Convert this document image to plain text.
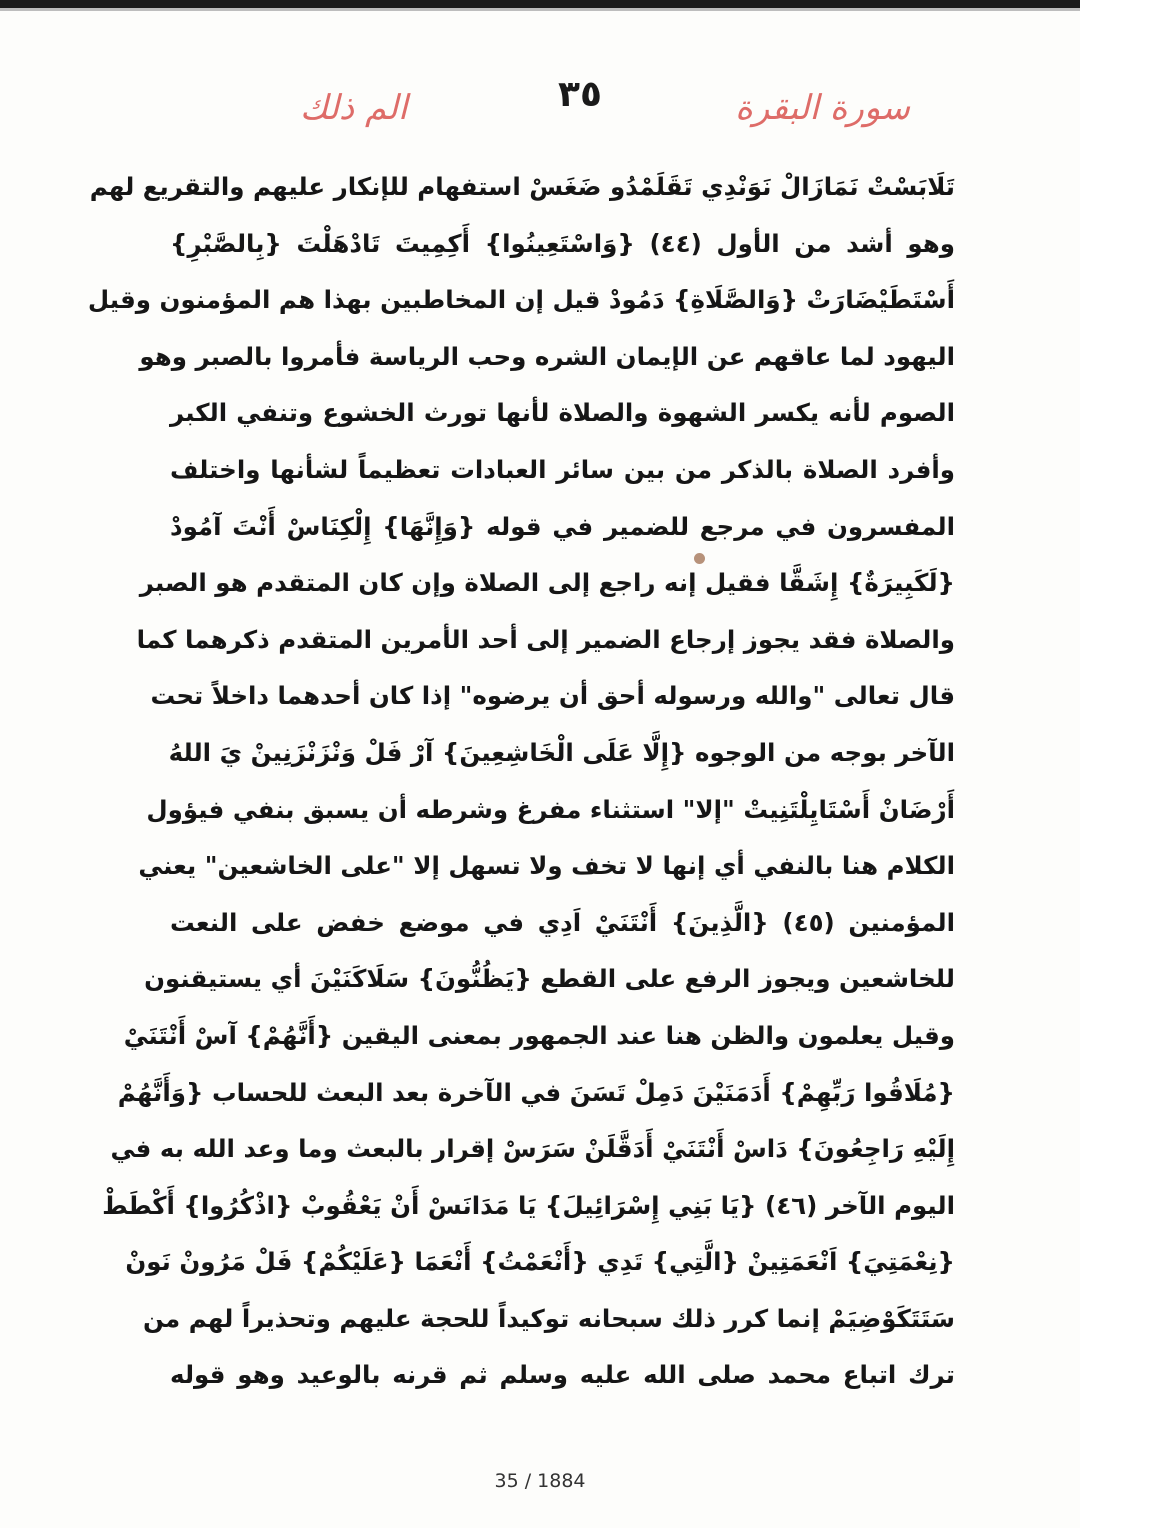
سورة البقرة
٣٥
الم ذلك
تَلَابَسْتْ نَمَازَالْ نَوَنْدِي تَقَلَمْدُو ضَغَسْ استفهام للإنكار عليهم والتقريع لهم
وهو أشد من الأول (٤٤) {وَاسْتَعِينُوا} أَكِمِيتَ تَادْهَلْتَ {بِالصَّبْرِ}
أَسْتَطَيْضَارَتْ {وَالصَّلَاةِ} دَمُودْ قيل إن المخاطبين بهذا هم المؤمنون وقيل
اليهود لما عاقهم عن الإيمان الشره وحب الرياسة فأمروا بالصبر وهو
الصوم لأنه يكسر الشهوة والصلاة لأنها تورث الخشوع وتنفي الكبر
وأفرد الصلاة بالذكر من بين سائر العبادات تعظيماً لشأنها واختلف
المفسرون في مرجع للضمير في قوله {وَإِنَّهَا} إِلْكِنَاسْ أَنْتَ آمُودْ
{لَكَبِيرَةٌ} إِشَقَّا فقيل إنه راجع إلى الصلاة وإن كان المتقدم هو الصبر
والصلاة فقد يجوز إرجاع الضمير إلى أحد الأمرين المتقدم ذكرهما كما
قال تعالى "والله ورسوله أحق أن يرضوه" إذا كان أحدهما داخلاً تحت
الآخر بوجه من الوجوه {إِلَّا عَلَى الْخَاشِعِينَ} آرْ فَلْ وَنْزَنْزَنِينْ يَ اللهُ
أَرْضَانْ أَسْتَايِلْتَنِيتْ "إلا" استثناء مفرغ وشرطه أن يسبق بنفي فيؤول
الكلام هنا بالنفي أي إنها لا تخف ولا تسهل إلا "على الخاشعين" يعني
المؤمنين (٤٥) {الَّذِينَ} أَنْتَنَيْ اَدِي في موضع خفض على النعت
للخاشعين ويجوز الرفع على القطع {يَظُنُّونَ} سَلَاكَنَيْنَ أي يستيقنون
وقيل يعلمون والظن هنا عند الجمهور بمعنى اليقين {أَنَّهُمْ} آسْ أَنْتَنَيْ
{مُلَاقُوا رَبِّهِمْ} أَدَمَنَيْنَ دَمِلْ تَسَنَ في الآخرة بعد البعث للحساب {وَأَنَّهُمْ
إِلَيْهِ رَاجِعُونَ} دَاسْ أَنْتَنَيْ أَدَقَّلَنْ سَرَسْ إقرار بالبعث وما وعد الله به في
اليوم الآخر (٤٦) {يَا بَنِي إِسْرَائِيلَ} يَا مَدَانَسْ أَنْ يَعْقُوبْ {اذْكُرُوا} أَكْطَطْ
{نِعْمَتِيَ} اَنْعَمَتِينْ {الَّتِي} تَدِي {أَنْعَمْتُ} أَنْعَمَا {عَلَيْكُمْ} فَلْ مَرُونْ نَونْ
سَتَتَكَوْضِيَمْ إنما كرر ذلك سبحانه توكيداً للحجة عليهم وتحذيراً لهم من
ترك اتباع محمد صلى الله عليه وسلم ثم قرنه بالوعيد وهو قوله
35 / 1884
